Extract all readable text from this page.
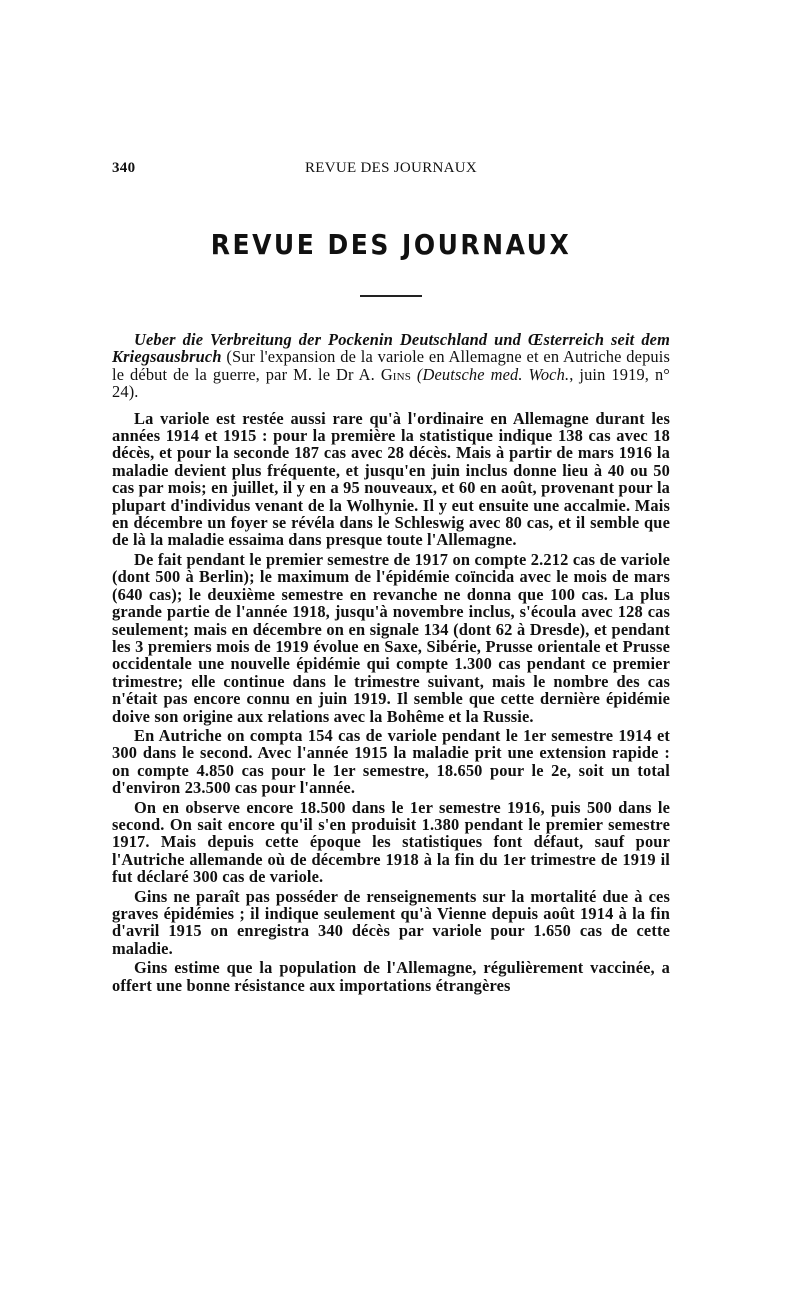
340	REVUE DES JOURNAUX
REVUE DES JOURNAUX

Ueber die Verbreitung der Pockenin Deutschland und Œsterreich seit dem Kriegsausbruch (Sur l'expansion de la variole en Allemagne et en Autriche depuis le début de la guerre, par M. le Dr A. Gins (Deutsche med. Woch., juin 1919, n° 24).

La variole est restée aussi rare qu'à l'ordinaire en Allemagne durant les années 1914 et 1915 : pour la première la statistique indique 138 cas avec 18 décès, et pour la seconde 187 cas avec 28 décès. Mais à partir de mars 1916 la maladie devient plus fréquente, et jusqu'en juin inclus donne lieu à 40 ou 50 cas par mois; en juillet, il y en a 95 nouveaux, et 60 en août, provenant pour la plupart d'individus venant de la Wolhynie. Il y eut ensuite une accalmie. Mais en décembre un foyer se révéla dans le Schleswig avec 80 cas, et il semble que de là la maladie essaima dans presque toute l'Allemagne.

De fait pendant le premier semestre de 1917 on compte 2.212 cas de variole (dont 500 à Berlin); le maximum de l'épidémie coïncida avec le mois de mars (640 cas); le deuxième semestre en revanche ne donna que 100 cas. La plus grande partie de l'année 1918, jusqu'à novembre inclus, s'écoula avec 128 cas seulement; mais en décembre on en signale 134 (dont 62 à Dresde), et pendant les 3 premiers mois de 1919 évolue en Saxe, Sibérie, Prusse orientale et Prusse occidentale une nouvelle épidémie qui compte 1.300 cas pendant ce premier trimestre; elle continue dans le trimestre suivant, mais le nombre des cas n'était pas encore connu en juin 1919. Il semble que cette dernière épidémie doive son origine aux relations avec la Bohême et la Russie.

En Autriche on compta 154 cas de variole pendant le 1er semestre 1914 et 300 dans le second. Avec l'année 1915 la maladie prit une extension rapide : on compte 4.850 cas pour le 1er semestre, 18.650 pour le 2e, soit un total d'environ 23.500 cas pour l'année.

On en observe encore 18.500 dans le 1er semestre 1916, puis 500 dans le second. On sait encore qu'il s'en produisit 1.380 pendant le premier semestre 1917. Mais depuis cette époque les statistiques font défaut, sauf pour l'Autriche allemande où de décembre 1918 à la fin du 1er trimestre de 1919 il fut déclaré 300 cas de variole.

Gins ne paraît pas posséder de renseignements sur la mortalité due à ces graves épidémies ; il indique seulement qu'à Vienne depuis août 1914 à la fin d'avril 1915 on enregistra 340 décès par variole pour 1.650 cas de cette maladie.

Gins estime que la population de l'Allemagne, régulièrement vaccinée, a offert une bonne résistance aux importations étrangères
